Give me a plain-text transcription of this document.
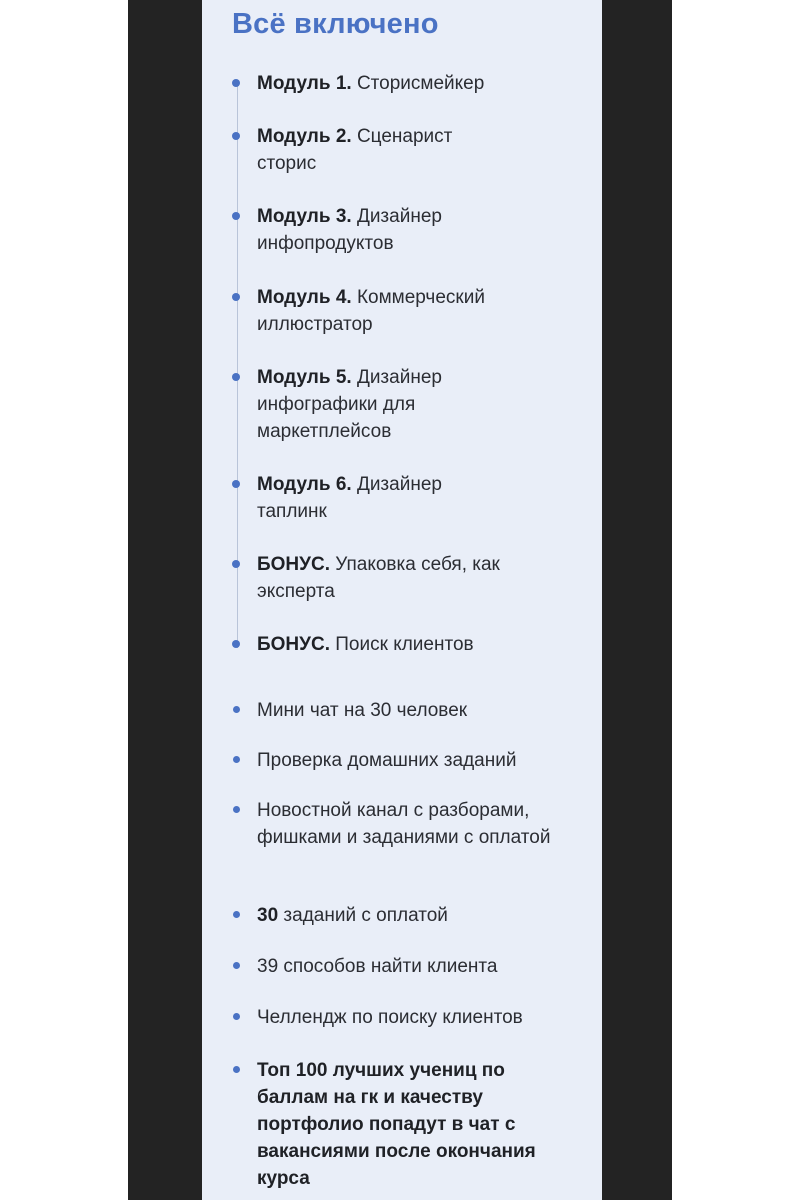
Всё включено
Модуль 1. Сторисмейкер
Модуль 2. Сценарист сторис
Модуль 3. Дизайнер инфопродуктов
Модуль 4. Коммерческий иллюстратор
Модуль 5. Дизайнер инфографики для маркетплейсов
Модуль 6. Дизайнер таплинк
БОНУС. Упаковка себя, как эксперта
БОНУС. Поиск клиентов
Мини чат на 30 человек
Проверка домашних заданий
Новостной канал с разборами, фишками и заданиями с оплатой
30 заданий с оплатой
39 способов найти клиента
Челлендж по поиску клиентов
Топ 100 лучших учениц по баллам на гк и качеству портфолио попадут в чат с вакансиями после окончания курса
